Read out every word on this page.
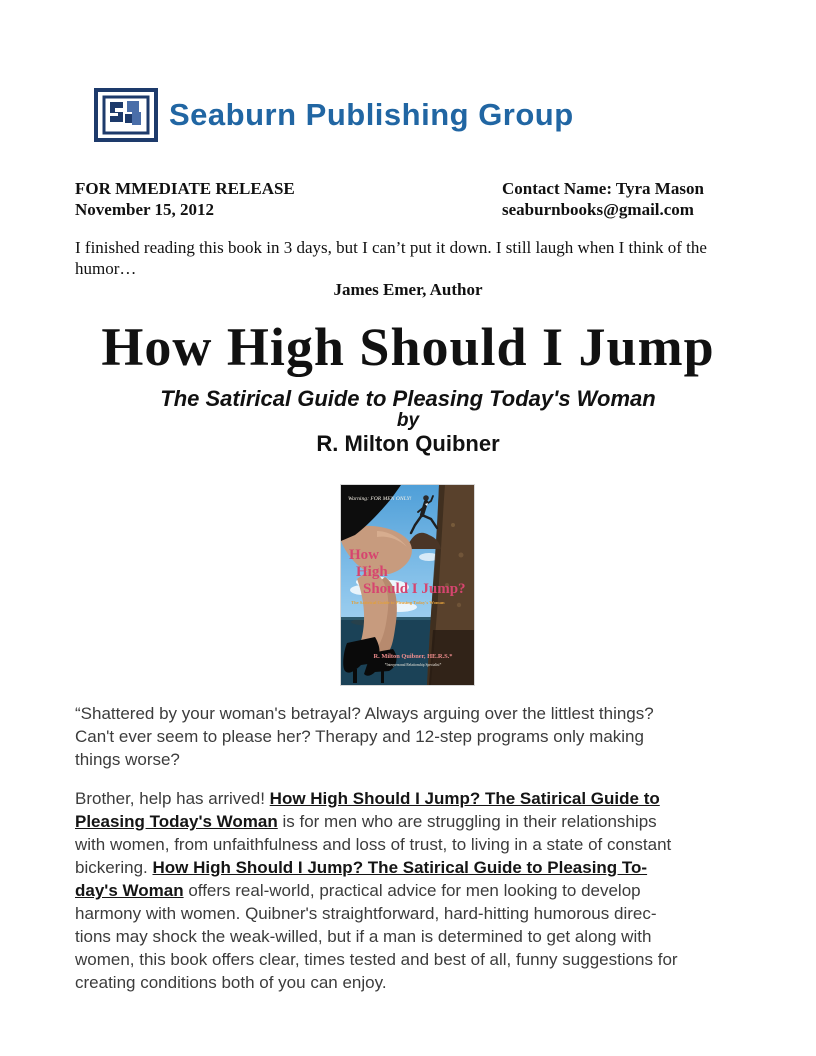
Seaburn Publishing Group
FOR MMEDIATE RELEASE
November 15, 2012
Contact Name: Tyra Mason
seaburnbooks@gmail.com
I finished reading this book in 3 days, but I can’t put it down. I still laugh when I think of the
humor…
James Emer, Author
How High Should I Jump
The Satirical Guide to Pleasing Today's Woman
by
R. Milton Quibner
Warning: FOR MEN ONLY!
How
High
Should I Jump?
The Satirical Guide to Pleasing Today's Woman
R. Milton Quibner, HE.R.S.*
*Interpersonal Relationship Specialist*
“Shattered by your woman's betrayal? Always arguing over the littlest things?
Can't ever seem to please her? Therapy and 12-step programs only making
things worse?
Brother, help has arrived! How High Should I Jump? The Satirical Guide to
Pleasing Today's Woman is for men who are struggling in their relationships
with women, from unfaithfulness and loss of trust, to living in a state of constant
bickering. How High Should I Jump? The Satirical Guide to Pleasing To-
day's Woman offers real-world, practical advice for men looking to develop
harmony with women. Quibner's straightforward, hard-hitting humorous direc-
tions may shock the weak-willed, but if a man is determined to get along with
women, this book offers clear, times tested and best of all, funny suggestions for
creating conditions both of you can enjoy.
